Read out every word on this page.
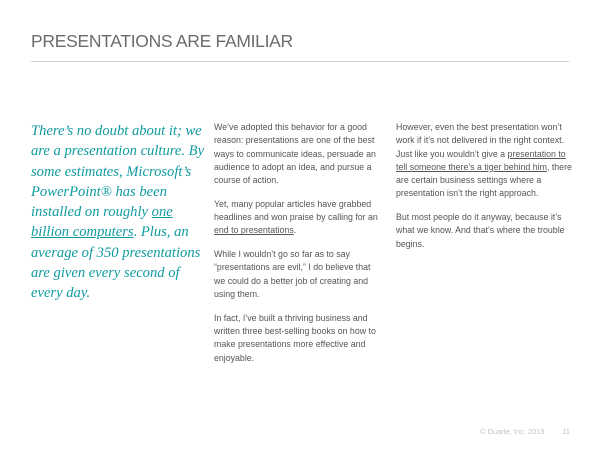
PRESENTATIONS ARE FAMILIAR
There’s no doubt about it; we are a presentation culture. By some estimates, Microsoft’s PowerPoint® has been installed on roughly one billion computers. Plus, an average of 350 presentations are given every second of every day.

We’ve adopted this behavior for a good reason: presentations are one of the best ways to communicate ideas, persuade an audience to adopt an idea, and pursue a course of action.

Yet, many popular articles have grabbed headlines and won praise by calling for an end to presentations.

While I wouldn’t go so far as to say “presentations are evil,” I do believe that we could do a better job of creating and using them.

In fact, I’ve built a thriving business and written three best-selling books on how to make presentations more effective and enjoyable.

However, even the best presentation won’t work if it’s not delivered in the right context. Just like you wouldn’t give a presentation to tell someone there’s a tiger behind him, there are certain business settings where a presentation isn’t the right approach.

But most people do it anyway, because it’s what we know. And that’s where the trouble begins.

© Duarte, Inc. 2013 11
